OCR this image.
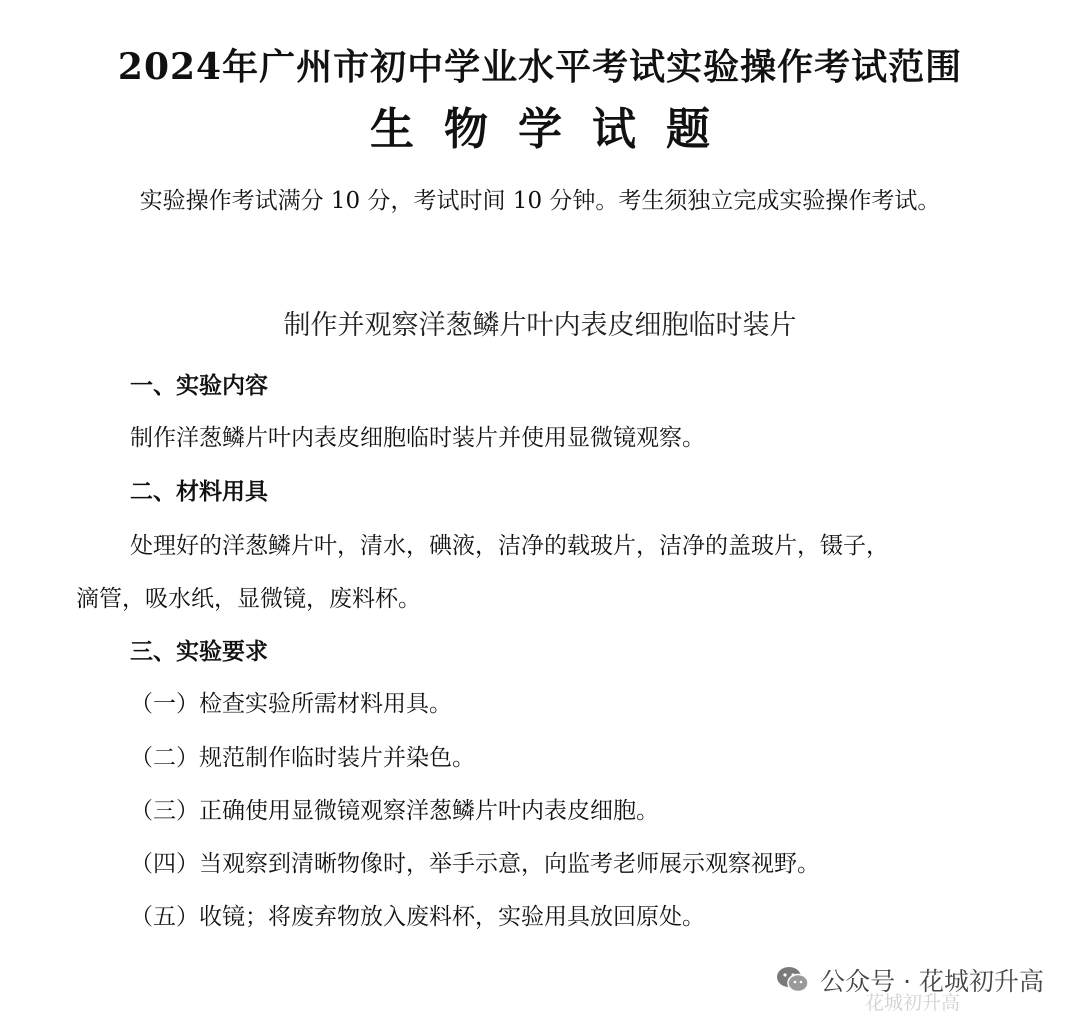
2024年广州市初中学业水平考试实验操作考试范围
生物学试题
实验操作考试满分 10 分，考试时间 10 分钟。考生须独立完成实验操作考试。
制作并观察洋葱鳞片叶内表皮细胞临时装片
一、实验内容
制作洋葱鳞片叶内表皮细胞临时装片并使用显微镜观察。
二、材料用具
处理好的洋葱鳞片叶，清水，碘液，洁净的载玻片，洁净的盖玻片，镊子，
滴管，吸水纸，显微镜，废料杯。
三、实验要求
（一）检查实验所需材料用具。
（二）规范制作临时装片并染色。
（三）正确使用显微镜观察洋葱鳞片叶内表皮细胞。
（四）当观察到清晰物像时，举手示意，向监考老师展示观察视野。
（五）收镜；将废弃物放入废料杯，实验用具放回原处。
花城初升高
公众号 · 花城初升高
